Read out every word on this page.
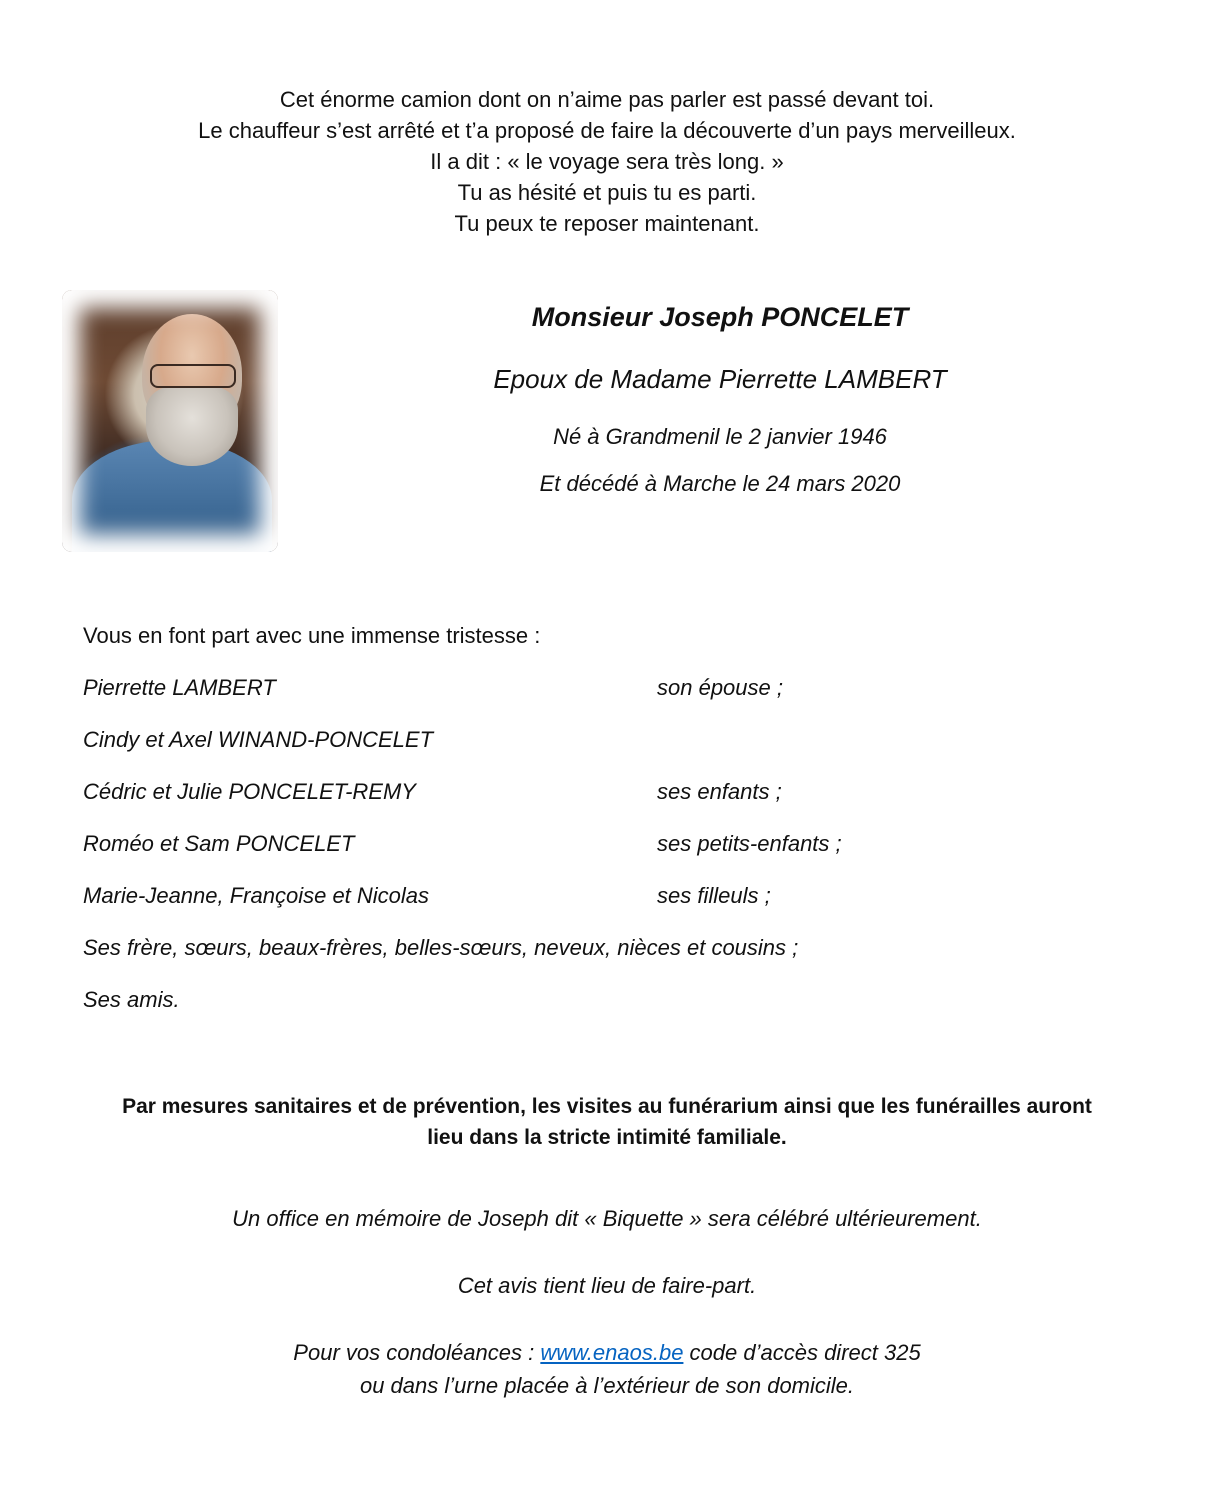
Cet énorme camion dont on n’aime pas parler est passé devant toi.
Le chauffeur s’est arrêté et t’a proposé de faire la découverte d’un pays merveilleux.
Il a dit : « le voyage sera très long. »
Tu as hésité et puis tu es parti.
Tu peux te reposer maintenant.
Monsieur Joseph PONCELET
Epoux de Madame Pierrette LAMBERT
Né à Grandmenil le 2 janvier 1946
Et décédé à Marche le 24 mars 2020
Vous en font part avec une immense tristesse :
Pierrette LAMBERT	son épouse ;
Cindy et Axel WINAND-PONCELET
Cédric et Julie PONCELET-REMY	ses enfants ;
Roméo et Sam PONCELET	ses petits-enfants ;
Marie-Jeanne, Françoise et Nicolas	ses filleuls ;
Ses frère, sœurs, beaux-frères, belles-sœurs, neveux, nièces et cousins ;
Ses amis.
Par mesures sanitaires et de prévention, les visites au funérarium ainsi que les funérailles auront
lieu dans la stricte intimité familiale.
Un office en mémoire de Joseph dit « Biquette » sera célébré ultérieurement.
Cet avis tient lieu de faire-part.
Pour vos condoléances : www.enaos.be code d’accès direct 325
ou dans l’urne placée à l’extérieur de son domicile.
